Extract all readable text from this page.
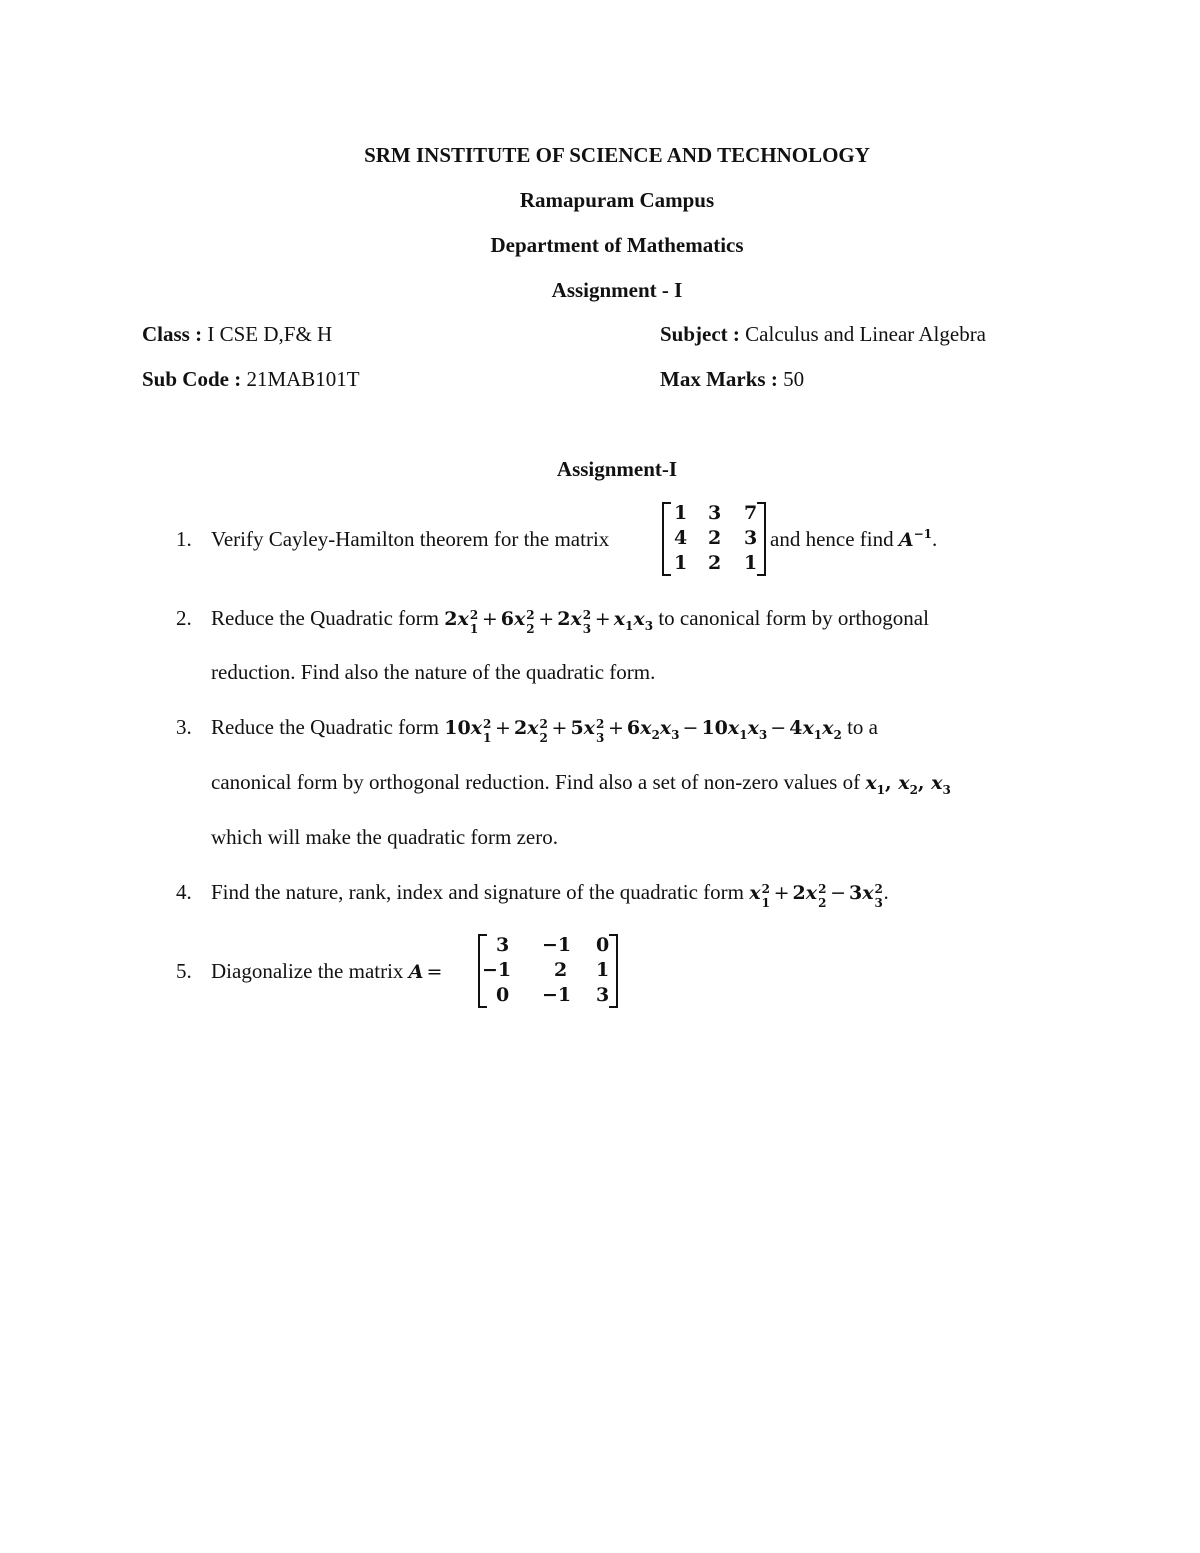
SRM INSTITUTE OF SCIENCE AND TECHNOLOGY
Ramapuram Campus
Department of Mathematics
Assignment - I
Class : I CSE D,F& H	Subject : Calculus and Linear Algebra
Sub Code : 21MAB101T	Max Marks : 50
Assignment-I
1. Verify Cayley-Hamilton theorem for the matrix
1 3 7
4 2 3
1 2 1
and hence find $A^{-1}$.
2. Reduce the Quadratic form 2x 2
1 + 6x 2
2 + 2x 2
$3 + x_1x_3$ to canonical form by orthogonal
reduction. Find also the nature of the quadratic form.
3. Reduce the Quadratic form 10x 2
1 + 2x 2
2 + 5x 2
$3 + 6x_2x_3 - 10x_1x_3 - 4x_1x_2$ to a
canonical form by orthogonal reduction. Find also a set of non-zero values of $x_1$, $x_2$, $x_3$
which will make the quadratic form zero.
4. Find the nature, rank, index and signature of the quadratic form x 2
1 + 2x 2
2 − 3x 2
3 .
5. Diagonalize the matrix A =
3 −1 0
−1 2 1
0 −1 3
